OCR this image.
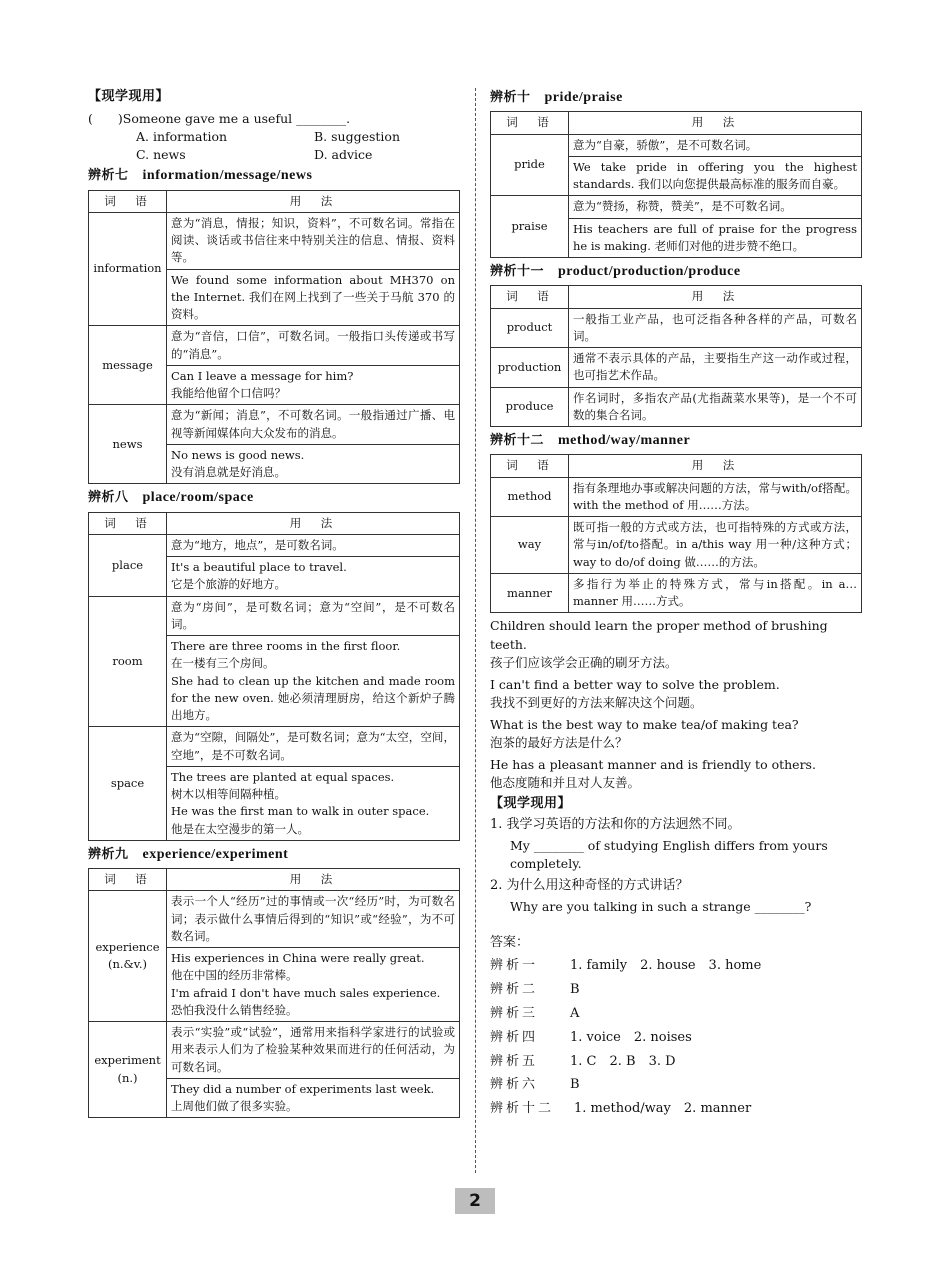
【现学现用】

(　　)Someone gave me a useful ________.

A. information	B. suggestion
C. news	D. advice
辨析七 information/message/news
词　语	用　法
information	意为“消息，情报；知识，资料”，不可数名词。常指在阅读、谈话或书信往来中特别关注的信息、情报、资料等。
	We found some information about MH370 on the Internet. 我们在网上找到了一些关于马航 370 的资料。
message	意为“音信，口信”，可数名词。一般指口头传递或书写的“消息”。
	Can I leave a message for him?
我能给他留个口信吗？
news	意为“新闻；消息”，不可数名词。一般指通过广播、电视等新闻媒体向大众发布的消息。
	No news is good news.
没有消息就是好消息。
辨析八 place/room/space
词　语	用　法
place	意为“地方，地点”，是可数名词。
	It's a beautiful place to travel.
它是个旅游的好地方。
room	意为“房间”，是可数名词；意为“空间”，是不可数名词。
	There are three rooms in the first floor.
在一楼有三个房间。
She had to clean up the kitchen and made room for the new oven. 她必须清理厨房，给这个新炉子腾出地方。
space	意为“空隙，间隔处”，是可数名词；意为“太空，空间，空地”，是不可数名词。
	The trees are planted at equal spaces.
树木以相等间隔种植。
He was the first man to walk in outer space.
他是在太空漫步的第一人。
辨析九 experience/experiment
词　语	用　法
experience
(n.&v.)	表示一个人“经历”过的事情或一次“经历”时，为可数名词；表示做什么事情后得到的“知识”或“经验”，为不可数名词。
	His experiences in China were really great.
他在中国的经历非常棒。
I'm afraid I don't have much sales experience.
恐怕我没什么销售经验。
experiment
(n.)	表示“实验”或“试验”，通常用来指科学家进行的试验或用来表示人们为了检验某种效果而进行的任何活动，为可数名词。
	They did a number of experiments last week.
上周他们做了很多实验。
辨析十 pride/praise
词　语	用　法
pride	意为“自豪，骄傲”，是不可数名词。
	We take pride in offering you the highest standards. 我们以向您提供最高标准的服务而自豪。
praise	意为“赞扬，称赞，赞美”，是不可数名词。
	His teachers are full of praise for the progress he is making. 老师们对他的进步赞不绝口。
辨析十一 product/production/produce
词　语	用　法
product	一般指工业产品，也可泛指各种各样的产品，可数名词。
production	通常不表示具体的产品，主要指生产这一动作或过程，也可指艺术作品。
produce	作名词时，多指农产品(尤指蔬菜水果等)，是一个不可数的集合名词。
辨析十二 method/way/manner
词　语	用　法
method	指有条理地办事或解决问题的方法，常与with/of搭配。with the method of 用……方法。
way	既可指一般的方式或方法，也可指特殊的方式或方法，常与in/of/to搭配。in a/this way 用一种/这种方式；way to do/of doing 做……的方法。
manner	多指行为举止的特殊方式，常与in搭配。in a… manner 用……方式。
Children should learn the proper method of brushing teeth.
孩子们应该学会正确的刷牙方法。
I can't find a better way to solve the problem.
我找不到更好的方法来解决这个问题。
What is the best way to make tea/of making tea?
泡茶的最好方法是什么？
He has a pleasant manner and is friendly to others.
他态度随和并且对人友善。
【现学现用】
1. 我学习英语的方法和你的方法迥然不同。
My ________ of studying English differs from yours completely.
2. 为什么用这种奇怪的方式讲话？
Why are you talking in such a strange ________?
答案：
辨析一 1. family　2. house　3. home
辨析二 B
辨析三 A
辨析四 1. voice　2. noises
辨析五 1. C　2. B　3. D
辨析六 B
辨析十二 1. method/way　2. manner
2
